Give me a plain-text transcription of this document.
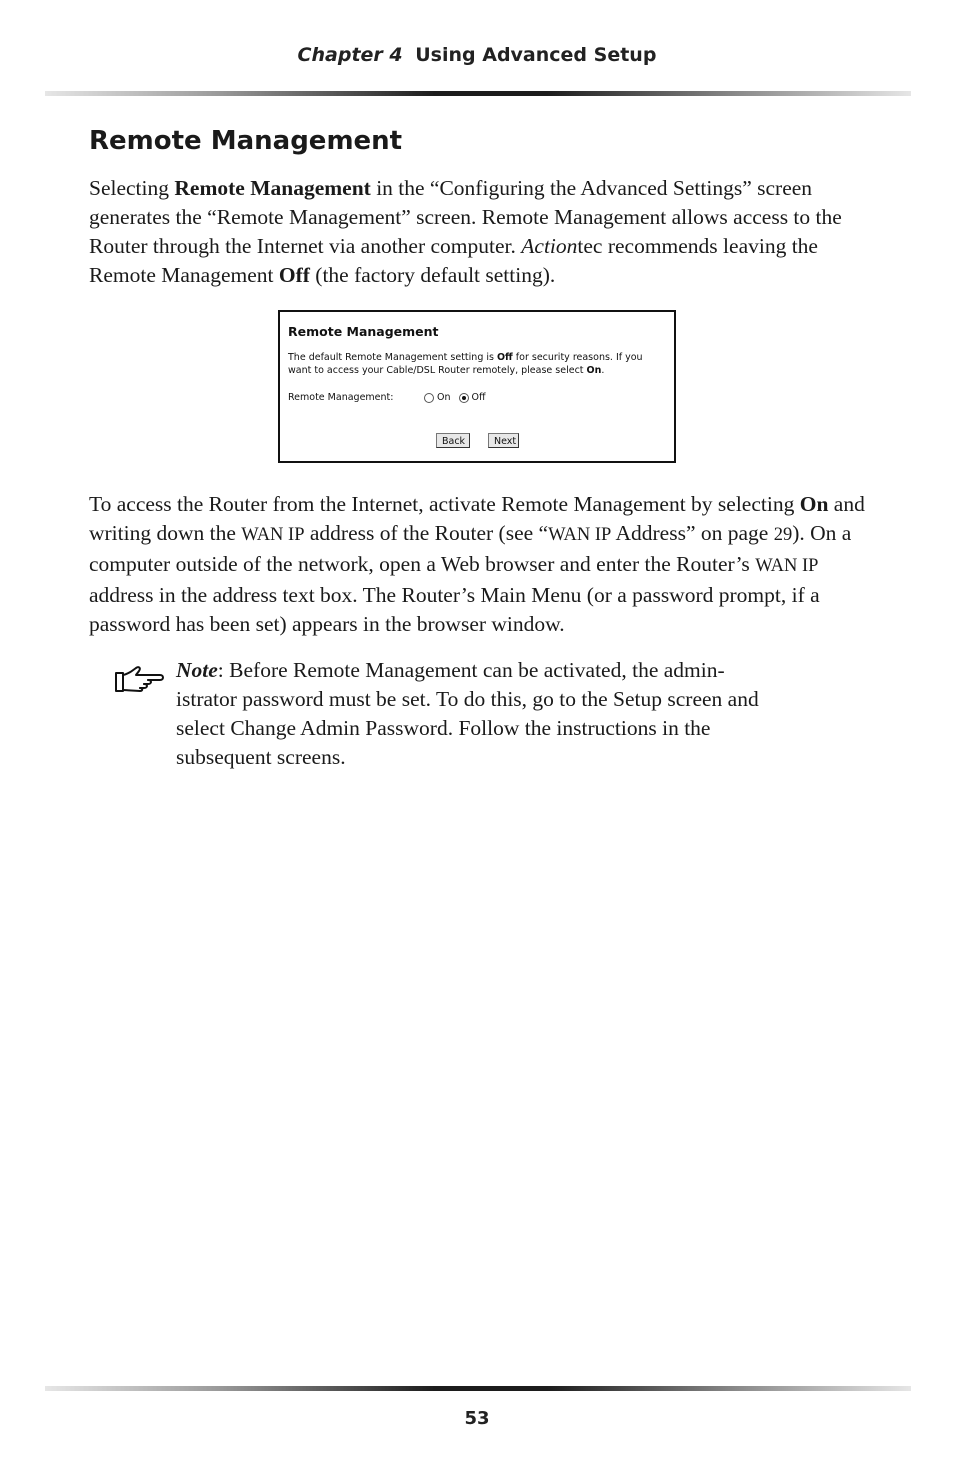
Chapter 4 Using Advanced Setup
Remote Management

Selecting Remote Management in the “Configuring the Advanced Settings” screen generates the “Remote Management” screen. Remote Management allows access to the Router through the Internet via another computer. Actiontec recommends leaving the Remote Management Off (the factory default setting).

Remote Management
The default Remote Management setting is Off for security reasons. If you want to access your Cable/DSL Router remotely, please select On.
Remote Management:	On Off
Back	Next

To access the Router from the Internet, activate Remote Management by selecting On and writing down the WAN IP address of the Router (see “WAN IP Address” on page 29). On a computer outside of the network, open a Web browser and enter the Router’s WAN IP address in the address text box. The Router’s Main Menu (or a password prompt, if a password has been set) appears in the browser window.

Note: Before Remote Management can be activated, the admin-istrator password must be set. To do this, go to the Setup screen and select Change Admin Password. Follow the instructions in the subsequent screens.

53
